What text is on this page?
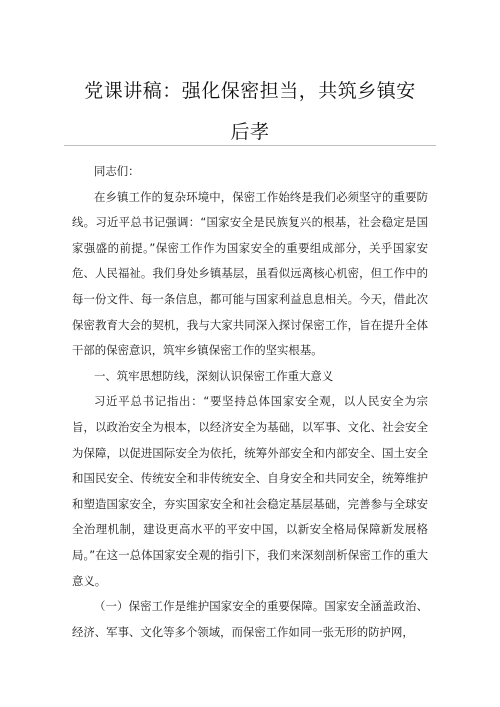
党课讲稿：强化保密担当，共筑乡镇安
后孝

同志们：

在乡镇工作的复杂环境中，保密工作始终是我们必须坚守的重要防线。习近平总书记强调：“国家安全是民族复兴的根基，社会稳定是国家强盛的前提。”保密工作作为国家安全的重要组成部分，关乎国家安危、人民福祉。我们身处乡镇基层，虽看似远离核心机密，但工作中的每一份文件、每一条信息，都可能与国家利益息息相关。今天，借此次保密教育大会的契机，我与大家共同深入探讨保密工作，旨在提升全体干部的保密意识，筑牢乡镇保密工作的坚实根基。

一、筑牢思想防线，深刻认识保密工作重大意义

习近平总书记指出：“要坚持总体国家安全观，以人民安全为宗旨，以政治安全为根本，以经济安全为基础，以军事、文化、社会安全为保障，以促进国际安全为依托，统筹外部安全和内部安全、国土安全和国民安全、传统安全和非传统安全、自身安全和共同安全，统筹维护和塑造国家安全，夯实国家安全和社会稳定基层基础，完善参与全球安全治理机制，建设更高水平的平安中国，以新安全格局保障新发展格局。”在这一总体国家安全观的指引下，我们来深刻剖析保密工作的重大意义。

（一）保密工作是维护国家安全的重要保障。国家安全涵盖政治、经济、军事、文化等多个领域，而保密工作如同一张无形的防护网，
